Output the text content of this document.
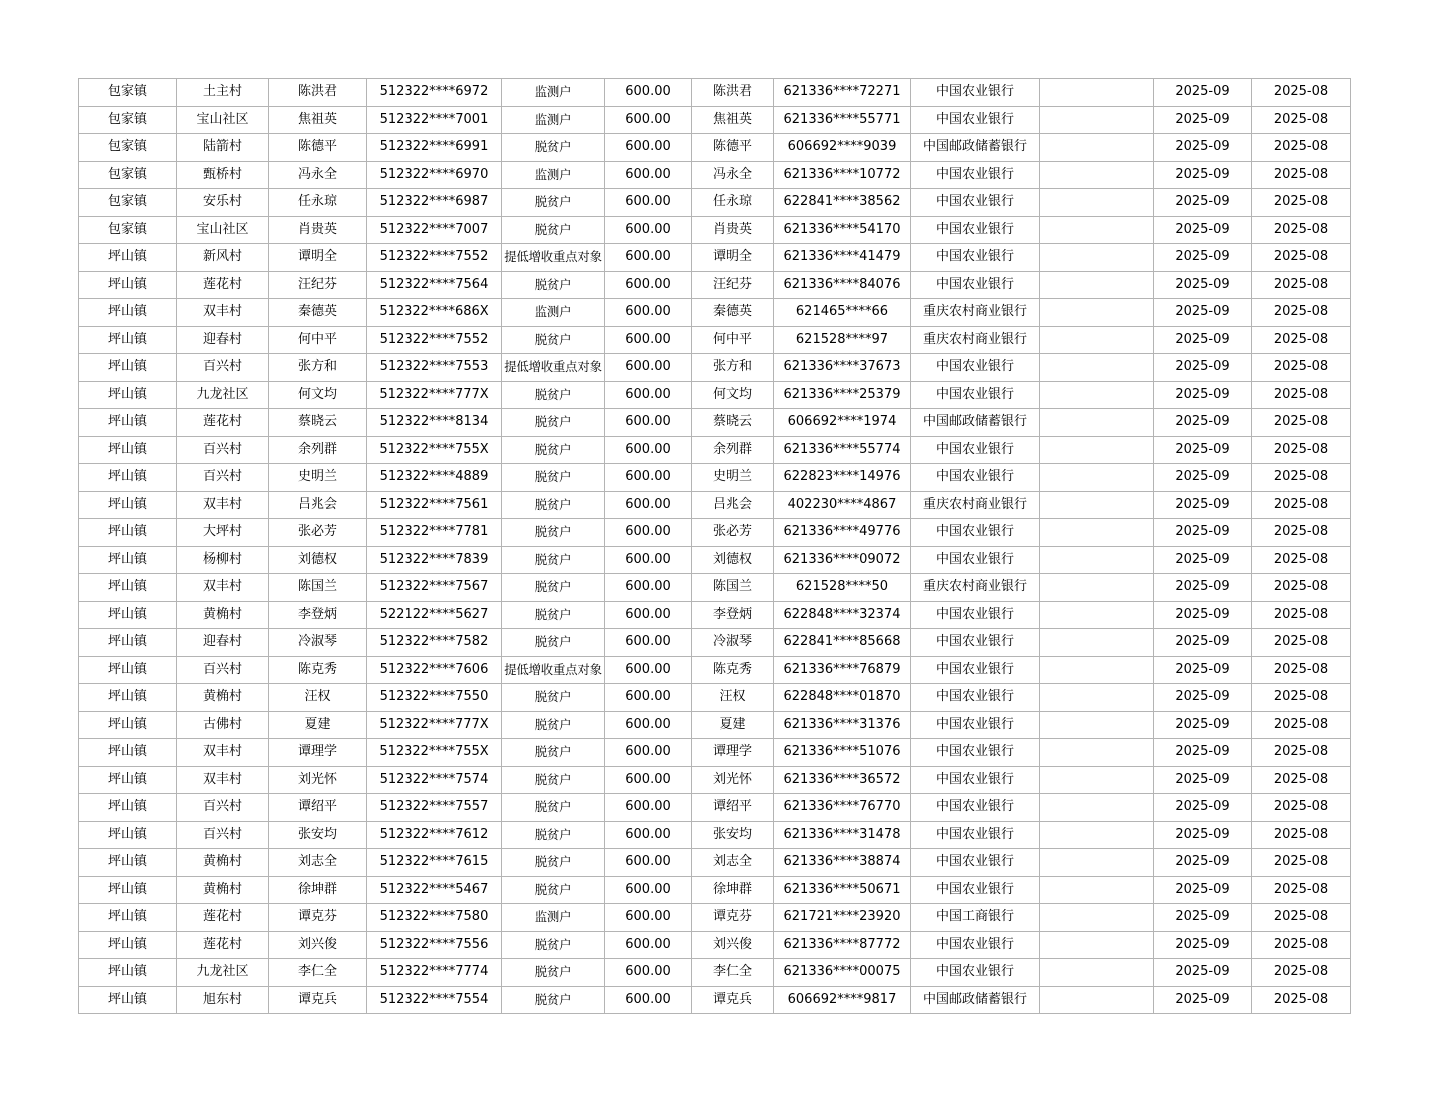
包家镇	土主村	陈洪君	512322****6972	监测户	600.00	陈洪君	621336****72271	中国农业银行		2025-09	2025-08
包家镇	宝山社区	焦祖英	512322****7001	监测户	600.00	焦祖英	621336****55771	中国农业银行		2025-09	2025-08
包家镇	陆箭村	陈德平	512322****6991	脱贫户	600.00	陈德平	606692****9039	中国邮政储蓄银行		2025-09	2025-08
包家镇	甄桥村	冯永全	512322****6970	监测户	600.00	冯永全	621336****10772	中国农业银行		2025-09	2025-08
包家镇	安乐村	任永琼	512322****6987	脱贫户	600.00	任永琼	622841****38562	中国农业银行		2025-09	2025-08
包家镇	宝山社区	肖贵英	512322****7007	脱贫户	600.00	肖贵英	621336****54170	中国农业银行		2025-09	2025-08
坪山镇	新风村	谭明全	512322****7552	提低增收重点对象	600.00	谭明全	621336****41479	中国农业银行		2025-09	2025-08
坪山镇	莲花村	汪纪芬	512322****7564	脱贫户	600.00	汪纪芬	621336****84076	中国农业银行		2025-09	2025-08
坪山镇	双丰村	秦德英	512322****686X	监测户	600.00	秦德英	621465****66	重庆农村商业银行		2025-09	2025-08
坪山镇	迎春村	何中平	512322****7552	脱贫户	600.00	何中平	621528****97	重庆农村商业银行		2025-09	2025-08
坪山镇	百兴村	张方和	512322****7553	提低增收重点对象	600.00	张方和	621336****37673	中国农业银行		2025-09	2025-08
坪山镇	九龙社区	何文均	512322****777X	脱贫户	600.00	何文均	621336****25379	中国农业银行		2025-09	2025-08
坪山镇	莲花村	蔡晓云	512322****8134	脱贫户	600.00	蔡晓云	606692****1974	中国邮政储蓄银行		2025-09	2025-08
坪山镇	百兴村	余列群	512322****755X	脱贫户	600.00	余列群	621336****55774	中国农业银行		2025-09	2025-08
坪山镇	百兴村	史明兰	512322****4889	脱贫户	600.00	史明兰	622823****14976	中国农业银行		2025-09	2025-08
坪山镇	双丰村	吕兆会	512322****7561	脱贫户	600.00	吕兆会	402230****4867	重庆农村商业银行		2025-09	2025-08
坪山镇	大坪村	张必芳	512322****7781	脱贫户	600.00	张必芳	621336****49776	中国农业银行		2025-09	2025-08
坪山镇	杨柳村	刘德权	512322****7839	脱贫户	600.00	刘德权	621336****09072	中国农业银行		2025-09	2025-08
坪山镇	双丰村	陈国兰	512322****7567	脱贫户	600.00	陈国兰	621528****50	重庆农村商业银行		2025-09	2025-08
坪山镇	黄桷村	李登炳	522122****5627	脱贫户	600.00	李登炳	622848****32374	中国农业银行		2025-09	2025-08
坪山镇	迎春村	冷淑琴	512322****7582	脱贫户	600.00	冷淑琴	622841****85668	中国农业银行		2025-09	2025-08
坪山镇	百兴村	陈克秀	512322****7606	提低增收重点对象	600.00	陈克秀	621336****76879	中国农业银行		2025-09	2025-08
坪山镇	黄桷村	汪权	512322****7550	脱贫户	600.00	汪权	622848****01870	中国农业银行		2025-09	2025-08
坪山镇	古佛村	夏建	512322****777X	脱贫户	600.00	夏建	621336****31376	中国农业银行		2025-09	2025-08
坪山镇	双丰村	谭理学	512322****755X	脱贫户	600.00	谭理学	621336****51076	中国农业银行		2025-09	2025-08
坪山镇	双丰村	刘光怀	512322****7574	脱贫户	600.00	刘光怀	621336****36572	中国农业银行		2025-09	2025-08
坪山镇	百兴村	谭绍平	512322****7557	脱贫户	600.00	谭绍平	621336****76770	中国农业银行		2025-09	2025-08
坪山镇	百兴村	张安均	512322****7612	脱贫户	600.00	张安均	621336****31478	中国农业银行		2025-09	2025-08
坪山镇	黄桷村	刘志全	512322****7615	脱贫户	600.00	刘志全	621336****38874	中国农业银行		2025-09	2025-08
坪山镇	黄桷村	徐坤群	512322****5467	脱贫户	600.00	徐坤群	621336****50671	中国农业银行		2025-09	2025-08
坪山镇	莲花村	谭克芬	512322****7580	监测户	600.00	谭克芬	621721****23920	中国工商银行		2025-09	2025-08
坪山镇	莲花村	刘兴俊	512322****7556	脱贫户	600.00	刘兴俊	621336****87772	中国农业银行		2025-09	2025-08
坪山镇	九龙社区	李仁全	512322****7774	脱贫户	600.00	李仁全	621336****00075	中国农业银行		2025-09	2025-08
坪山镇	旭东村	谭克兵	512322****7554	脱贫户	600.00	谭克兵	606692****9817	中国邮政储蓄银行		2025-09	2025-08
